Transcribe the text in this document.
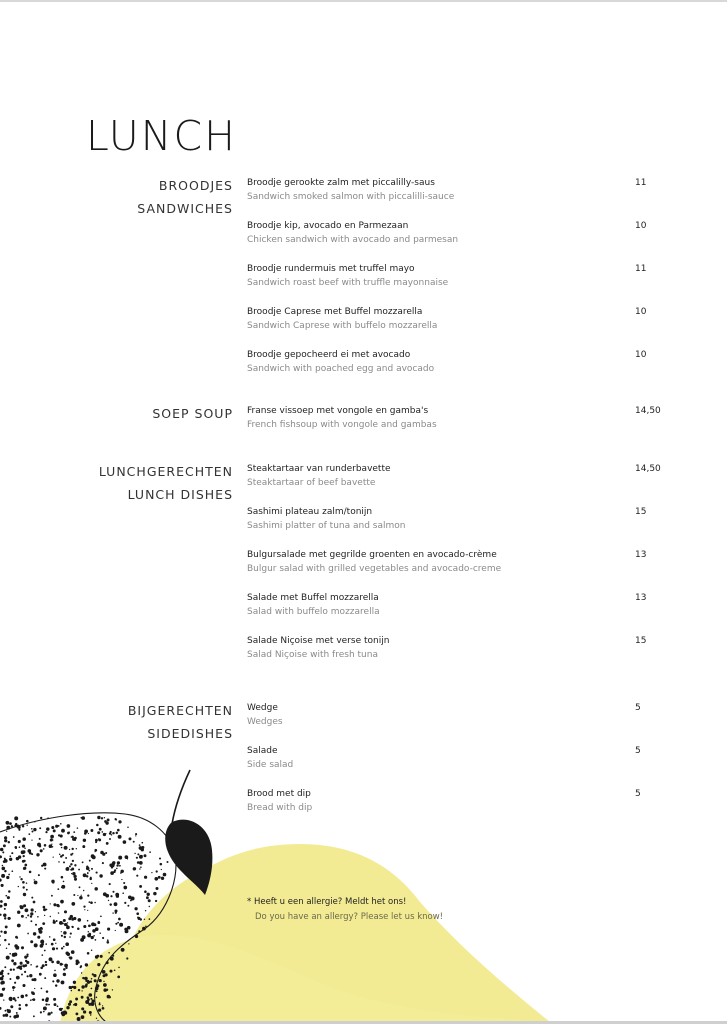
LUNCH
BROODJES
SANDWICHES
Broodje gerookte zalm met piccalilly-saus
Sandwich smoked salmon with piccalilli-sauce
11
Broodje kip, avocado en Parmezaan
Chicken sandwich with avocado and parmesan
10
Broodje rundermuis met truffel mayo
Sandwich roast beef with truffle mayonnaise
11
Broodje Caprese met Buffel mozzarella
Sandwich Caprese with buffelo mozzarella
10
Broodje gepocheerd ei met avocado
Sandwich with poached egg and avocado
10
SOEP SOUP Franse vissoep met vongole en gamba's
French fishsoup with vongole and gambas
14,50
LUNCHGERECHTEN
LUNCH DISHES
Steaktartaar van runderbavette
Steaktartaar of beef bavette
14,50
Sashimi plateau zalm/tonijn
Sashimi platter of tuna and salmon
15
Bulgursalade met gegrilde groenten en avocado-crème
Bulgur salad with grilled vegetables and avocado-creme
13
Salade met Buffel mozzarella
Salad with buffelo mozzarella
13
Salade Niçoise met verse tonijn
Salad Niçoise with fresh tuna
15
BIJGERECHTEN
SIDEDISHES
Wedge
Wedges
5
Salade
Side salad
5
Brood met dip
Bread with dip
5
* Heeft u een allergie? Meldt het ons!
Do you have an allergy? Please let us know!
